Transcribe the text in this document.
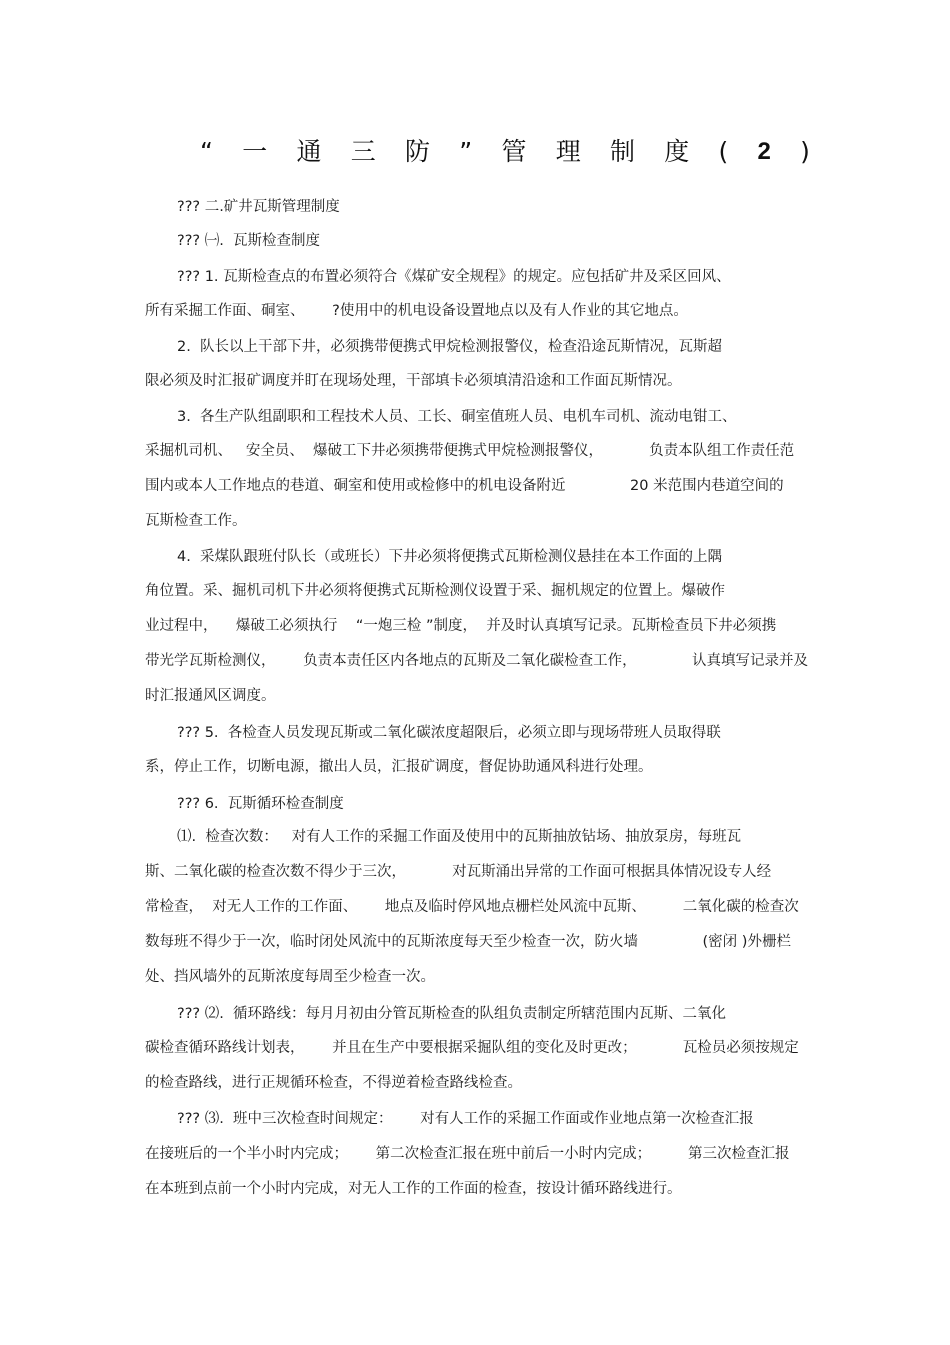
“ 一 通 三 防 ” 管 理 制 度 ( 2 )
??? 二.矿井瓦斯管理制度
??? ㈠.  瓦斯检查制度
??? 1. 瓦斯检查点的布置必须符合《煤矿安全规程》的规定。应包括矿井及采区回风、
所有采掘工作面、硐室、      ?使用中的机电设备设置地点以及有人作业的其它地点。
2.  队长以上干部下井，必须携带便携式甲烷检测报警仪，检查沿途瓦斯情况，瓦斯超
限必须及时汇报矿调度并盯在现场处理，干部填卡必须填清沿途和工作面瓦斯情况。
3.  各生产队组副职和工程技术人员、工长、硐室值班人员、电机车司机、流动电钳工、
采掘机司机、   安全员、  爆破工下井必须携带便携式甲烷检测报警仪，          负责本队组工作责任范
围内或本人工作地点的巷道、硐室和使用或检修中的机电设备附近              20 米范围内巷道空间的
瓦斯检查工作。
4.  采煤队跟班付队长（或班长）下井必须将便携式瓦斯检测仪悬挂在本工作面的上隅
角位置。采、掘机司机下井必须将便携式瓦斯检测仪设置于采、掘机规定的位置上。爆破作
业过程中，    爆破工必须执行    “一炮三检 ”制度，  并及时认真填写记录。瓦斯检查员下井必须携
带光学瓦斯检测仪，      负责本责任区内各地点的瓦斯及二氧化碳检查工作，            认真填写记录并及
时汇报通风区调度。
??? 5.  各检查人员发现瓦斯或二氧化碳浓度超限后，必须立即与现场带班人员取得联
系，停止工作，切断电源，撤出人员，汇报矿调度，督促协助通风科进行处理。
??? 6.  瓦斯循环检查制度
⑴.  检查次数：   对有人工作的采掘工作面及使用中的瓦斯抽放钻场、抽放泵房，每班瓦
斯、二氧化碳的检查次数不得少于三次，          对瓦斯涌出异常的工作面可根据具体情况设专人经
常检查，  对无人工作的工作面、      地点及临时停风地点栅栏处风流中瓦斯、        二氧化碳的检查次
数每班不得少于一次，临时闭处风流中的瓦斯浓度每天至少检查一次，防火墙              (密闭 )外栅栏
处、挡风墙外的瓦斯浓度每周至少检查一次。
??? ⑵.  循环路线：每月月初由分管瓦斯检查的队组负责制定所辖范围内瓦斯、二氧化
碳检查循环路线计划表，      并且在生产中要根据采掘队组的变化及时更改；          瓦检员必须按规定
的检查路线，进行正规循环检查，不得逆着检查路线检查。
??? ⑶.  班中三次检查时间规定：      对有人工作的采掘工作面或作业地点第一次检查汇报
在接班后的一个半小时内完成；      第二次检查汇报在班中前后一小时内完成；        第三次检查汇报
在本班到点前一个小时内完成，对无人工作的工作面的检查，按设计循环路线进行。
